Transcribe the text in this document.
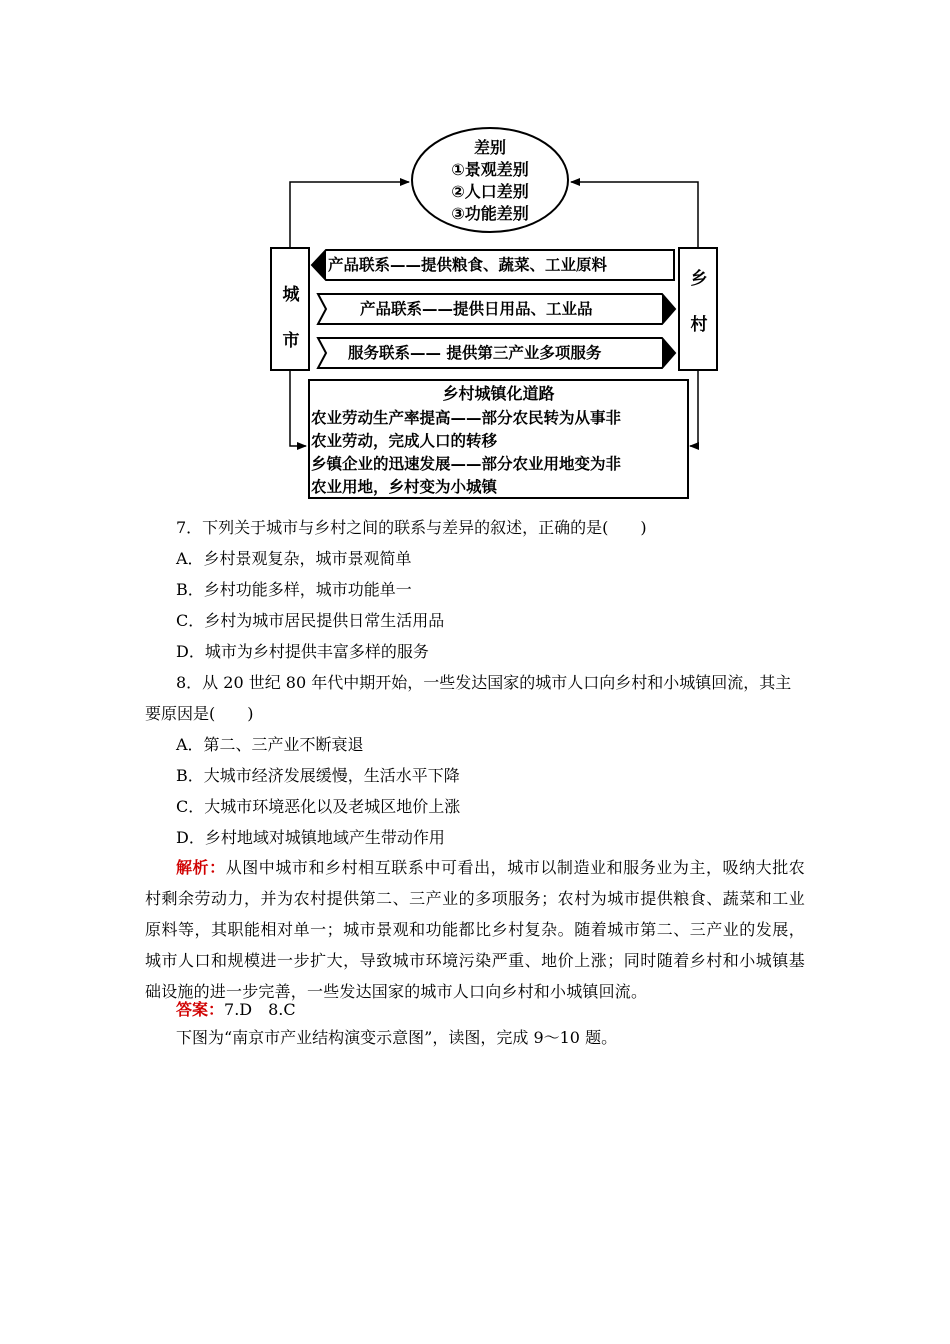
差别
①景观差别
②人口差别
③功能差别
城
市
乡
村
产品联系——提供粮食、蔬菜、工业原料
产品联系——提供日用品、工业品
服务联系—— 提供第三产业多项服务
乡村城镇化道路
农业劳动生产率提高——部分农民转为从事非
农业劳动，完成人口的转移
乡镇企业的迅速发展——部分农业用地变为非
农业用地，乡村变为小城镇
7．下列关于城市与乡村之间的联系与差异的叙述，正确的是(　　)
A．乡村景观复杂，城市景观简单
B．乡村功能多样，城市功能单一
C．乡村为城市居民提供日常生活用品
D．城市为乡村提供丰富多样的服务
8．从 20 世纪 80 年代中期开始，一些发达国家的城市人口向乡村和小城镇回流，其主
要原因是(　　)
A．第二、三产业不断衰退
B．大城市经济发展缓慢，生活水平下降
C．大城市环境恶化以及老城区地价上涨
D．乡村地域对城镇地域产生带动作用
解析：从图中城市和乡村相互联系中可看出，城市以制造业和服务业为主，吸纳大批农村剩余劳动力，并为农村提供第二、三产业的多项服务；农村为城市提供粮食、蔬菜和工业原料等，其职能相对单一；城市景观和功能都比乡村复杂。随着城市第二、三产业的发展，城市人口和规模进一步扩大，导致城市环境污染严重、地价上涨；同时随着乡村和小城镇基础设施的进一步完善，一些发达国家的城市人口向乡村和小城镇回流。
答案：7.D　8.C
下图为“南京市产业结构演变示意图”，读图，完成 9～10 题。
